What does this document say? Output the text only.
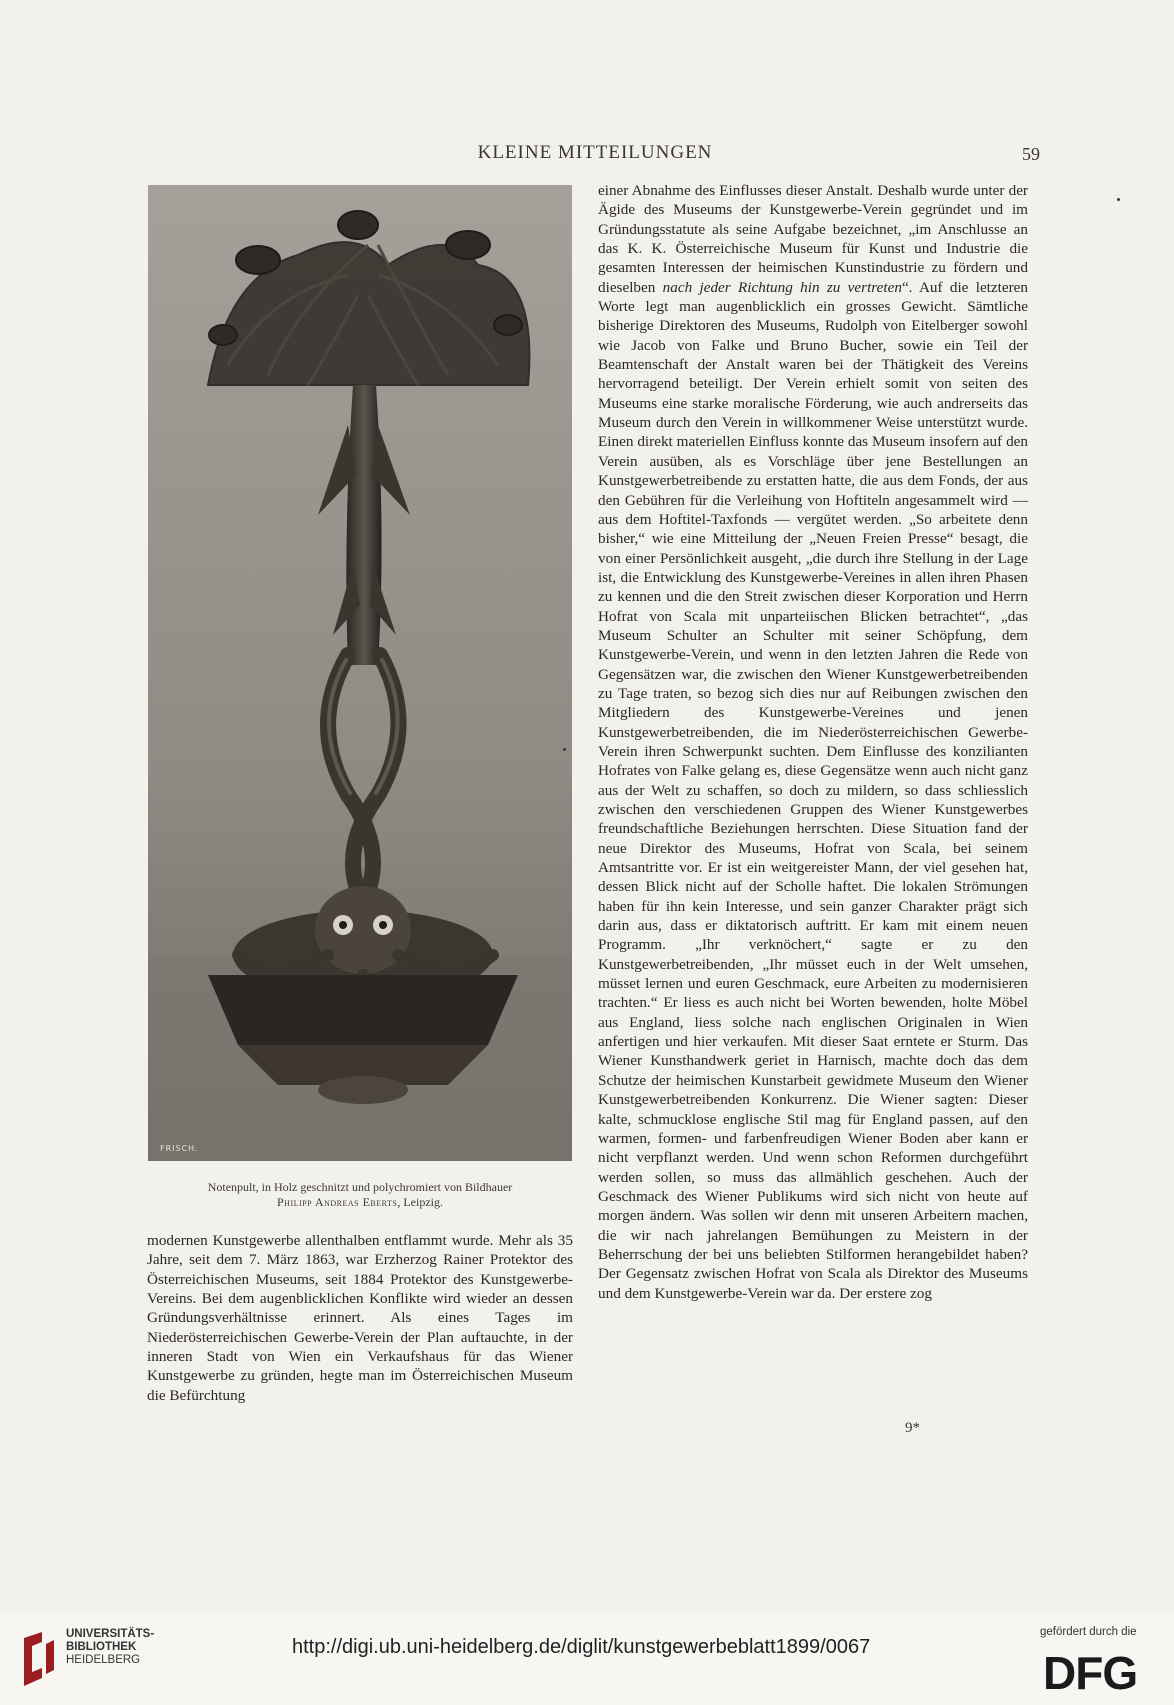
KLEINE MITTEILUNGEN	59
FRISCH.
Notenpult, in Holz geschnitzt und polychromiert von Bildhauer
Philipp Andreas Eberts, Leipzig.

einer Abnahme des Einflusses dieser Anstalt. Deshalb wurde unter der Ägide des Museums der Kunstgewerbe-Verein gegründet und im Gründungsstatute als seine Aufgabe bezeichnet, „im Anschlusse an das K. K. Österreichische Museum für Kunst und Industrie die gesamten Interessen der heimischen Kunstindustrie zu fördern und dieselben nach jeder Richtung hin zu vertreten“. Auf die letzteren Worte legt man augenblicklich ein grosses Gewicht. Sämtliche bisherige Direktoren des Museums, Rudolph von Eitelberger sowohl wie Jacob von Falke und Bruno Bucher, sowie ein Teil der Beamtenschaft der Anstalt waren bei der Thätigkeit des Vereins hervorragend beteiligt. Der Verein erhielt somit von seiten des Museums eine starke moralische Förderung, wie auch andrerseits das Museum durch den Verein in willkommener Weise unterstützt wurde. Einen direkt materiellen Einfluss konnte das Museum insofern auf den Verein ausüben, als es Vorschläge über jene Bestellungen an Kunstgewerbetreibende zu erstatten hatte, die aus dem Fonds, der aus den Gebühren für die Verleihung von Hoftiteln angesammelt wird — aus dem Hoftitel-Taxfonds — vergütet werden. „So arbeitete denn bisher,“ wie eine Mitteilung der „Neuen Freien Presse“ besagt, die von einer Persönlichkeit ausgeht, „die durch ihre Stellung in der Lage ist, die Entwicklung des Kunstgewerbe-Vereines in allen ihren Phasen zu kennen und die den Streit zwischen dieser Korporation und Herrn Hofrat von Scala mit unparteiischen Blicken betrachtet“, „das Museum Schulter an Schulter mit seiner Schöpfung, dem Kunstgewerbe-Verein, und wenn in den letzten Jahren die Rede von Gegensätzen war, die zwischen den Wiener Kunstgewerbetreibenden zu Tage traten, so bezog sich dies nur auf Reibungen zwischen den Mitgliedern des Kunstgewerbe-Vereines und jenen Kunstgewerbetreibenden, die im Niederösterreichischen Gewerbe-Verein ihren Schwerpunkt suchten. Dem Einflusse des konzilianten Hofrates von Falke gelang es, diese Gegensätze wenn auch nicht ganz aus der Welt zu schaffen, so doch zu mildern, so dass schliesslich zwischen den verschiedenen Gruppen des Wiener Kunstgewerbes freundschaftliche Beziehungen herrschten. Diese Situation fand der neue Direktor des Museums, Hofrat von Scala, bei seinem Amtsantritte vor. Er ist ein weitgereister Mann, der viel gesehen hat, dessen Blick nicht auf der Scholle haftet. Die lokalen Strömungen haben für ihn kein Interesse, und sein ganzer Charakter prägt sich darin aus, dass er diktatorisch auftritt. Er kam mit einem neuen Programm. „Ihr verknöchert,“ sagte er zu den Kunstgewerbetreibenden, „Ihr müsset euch in der Welt umsehen, müsset lernen und euren Geschmack, eure Arbeiten zu modernisieren trachten.“ Er liess es auch nicht bei Worten bewenden, holte Möbel aus England, liess solche nach englischen Originalen in Wien anfertigen und hier verkaufen. Mit dieser Saat erntete er Sturm. Das Wiener Kunsthandwerk geriet in Harnisch, machte doch das dem Schutze der heimischen Kunstarbeit gewidmete Museum den Wiener Kunstgewerbetreibenden Konkurrenz. Die Wiener sagten: Dieser kalte, schmucklose englische Stil mag für England passen, auf den warmen, formen- und farbenfreudigen Wiener Boden aber kann er nicht verpflanzt werden. Und wenn schon Reformen durchgeführt werden sollen, so muss das allmählich geschehen. Auch der Geschmack des Wiener Publikums wird sich nicht von heute auf morgen ändern. Was sollen wir denn mit unseren Arbeitern machen, die wir nach jahrelangen Bemühungen zu Meistern in der Beherrschung der bei uns beliebten Stilformen herangebildet haben? Der Gegensatz zwischen Hofrat von Scala als Direktor des Museums und dem Kunstgewerbe-Verein war da. Der erstere zog

modernen Kunstgewerbe allenthalben entflammt wurde. Mehr als 35 Jahre, seit dem 7. März 1863, war Erzherzog Rainer Protektor des Österreichischen Museums, seit 1884 Protektor des Kunstgewerbe-Vereins. Bei dem augenblicklichen Konflikte wird wieder an dessen Gründungsverhältnisse erinnert. Als eines Tages im Niederösterreichischen Gewerbe-Verein der Plan auftauchte, in der inneren Stadt von Wien ein Verkaufshaus für das Wiener Kunstgewerbe zu gründen, hegte man im Österreichischen Museum die Befürchtung

9*
UNIVERSITÄTS-
BIBLIOTHEK
HEIDELBERG
http://digi.ub.uni-heidelberg.de/diglit/kunstgewerbeblatt1899/0067
gefördert durch die
DFG
